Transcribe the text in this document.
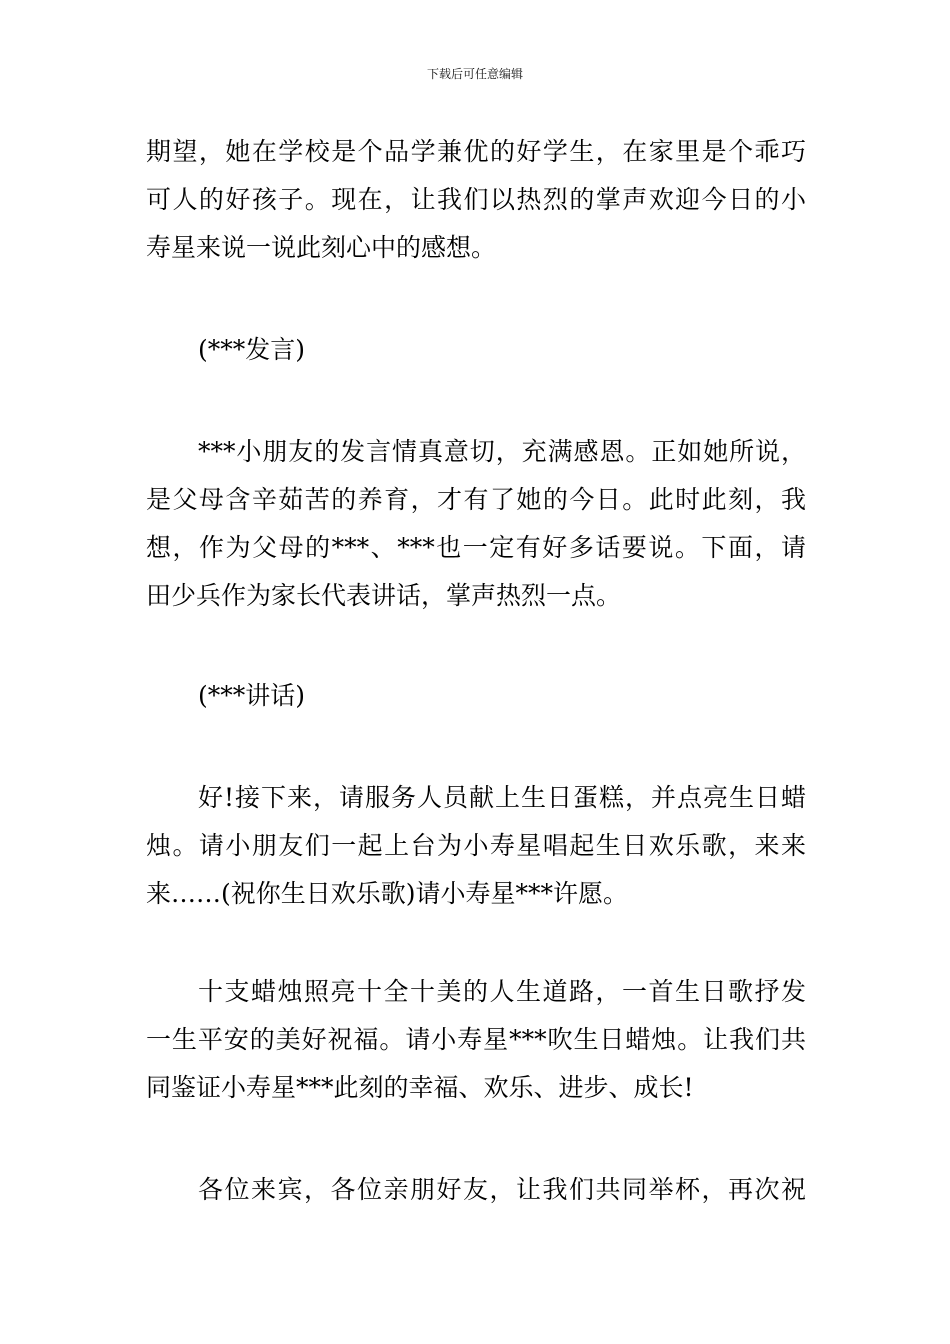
下载后可任意编辑
期望，她在学校是个品学兼优的好学生，在家里是个乖巧
可人的好孩子。现在，让我们以热烈的掌声欢迎今日的小
寿星来说一说此刻心中的感想。
(***发言)
***小朋友的发言情真意切，充满感恩。正如她所说，
是父母含辛茹苦的养育，才有了她的今日。此时此刻，我
想，作为父母的***、***也一定有好多话要说。下面，请
田少兵作为家长代表讲话，掌声热烈一点。
(***讲话)
好!接下来，请服务人员献上生日蛋糕，并点亮生日蜡
烛。请小朋友们一起上台为小寿星唱起生日欢乐歌，来来
来……(祝你生日欢乐歌)请小寿星***许愿。
十支蜡烛照亮十全十美的人生道路，一首生日歌抒发
一生平安的美好祝福。请小寿星***吹生日蜡烛。让我们共
同鉴证小寿星***此刻的幸福、欢乐、进步、成长!
各位来宾，各位亲朋好友，让我们共同举杯，再次祝
